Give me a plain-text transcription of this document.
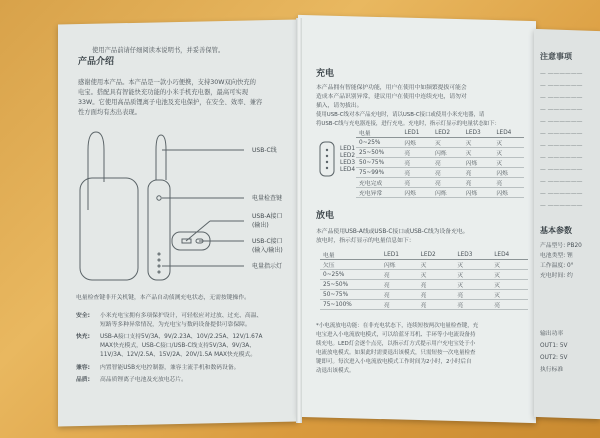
使用产品前请仔细阅读本说明书，并妥善保管。
产品介绍
感谢使用本产品。本产品是一款小巧便携，支持30W双向快充的
电宝。搭配具有智能快充功能的小米手机充电器，最高可实现
33W。它使用高品质锂离子电池及充电保护，在安全、效率、兼容
性方面均有杰出表现。
USB-C线
电量检查键
USB-A接口
(输出)
USB-C接口
(输入/输出)
电量指示灯
电量检查键非开关机键，本产品自动侦测充电状态，无需按键操作。
安全: 小米充电宝拥有多项保护设计，可轻松应对过放、过充、高温、
短路等多种异常情况，为充电宝与数码设备提供可靠保障。
快充: USB-A接口支持5V/3A、9V/2.23A、10V/2.25A、12V/1.67A
MAX快充模式，USB-C接口/USB-C线支持5V/3A、9V/3A、
11V/3A、12V/2.5A、15V/2A、20V/1.5A MAX快充模式。
兼容: 内置智能USB充电控制器，兼容主流手机和数码设备。
品质: 高品质锂离子电池及充放电芯片。
充电
本产品拥有智能保护功能，用户在使用中如频繁提拔可能会
造成本产品识别异常，建议用户在使用中连续充电，请勿对
插入，请勿拔出。
使用USB-C线对本产品充电时，请以USB-C接口或使用小米充电器，请
将USB-C线与充电器连接，进行充电。充电时，指示灯显示的电量状态如下：
LED1
LED2
LED3
LED4
电量	LED1	LED2	LED3	LED4
0~25%	闪烁	灭	灭	灭
25~50%	亮	闪烁	灭	灭
50~75%	亮	亮	闪烁	灭
75~99%	亮	亮	亮	闪烁
充电完成	亮	亮	亮	亮
充电异常	闪烁	闪烁	闪烁	闪烁
放电
本产品使用USB-A线或USB-C接口或USB-C线为设备充电。
放电时，指示灯显示的电量信息如下：
电量	LED1	LED2	LED3	LED4
欠压	闪烁	灭	灭	灭
0~25%	亮	灭	灭	灭
25~50%	亮	亮	灭	灭
50~75%	亮	亮	亮	灭
75~100%	亮	亮	亮	亮
*小电流放电功能：在非充电状态下，连续短按两次电量检查键，充
电宝进入小电流放电模式，可以给蓝牙耳机、手环等小电流设备持
续充电。LED灯会逐个点亮，以指示灯方式提示用户充电宝处于小
电流放电模式。如果此时需要退出该模式，只需短按一次电量检查
键即可。每次进入小电流放电模式工作时间为2小时，2小时后自
动退出该模式。
注意事项
— ——————
— ——————
— ——————
— ——————
— ——————
— ——————
— ——————
— ——————
— ——————
— ——————
— ——————
— ——————
基本参数
产品型号: PB20
电池类型: 锂
工作温度: 0°
充电时间: 约
输出功率
OUT1: 5V
OUT2: 5V
执行标准
